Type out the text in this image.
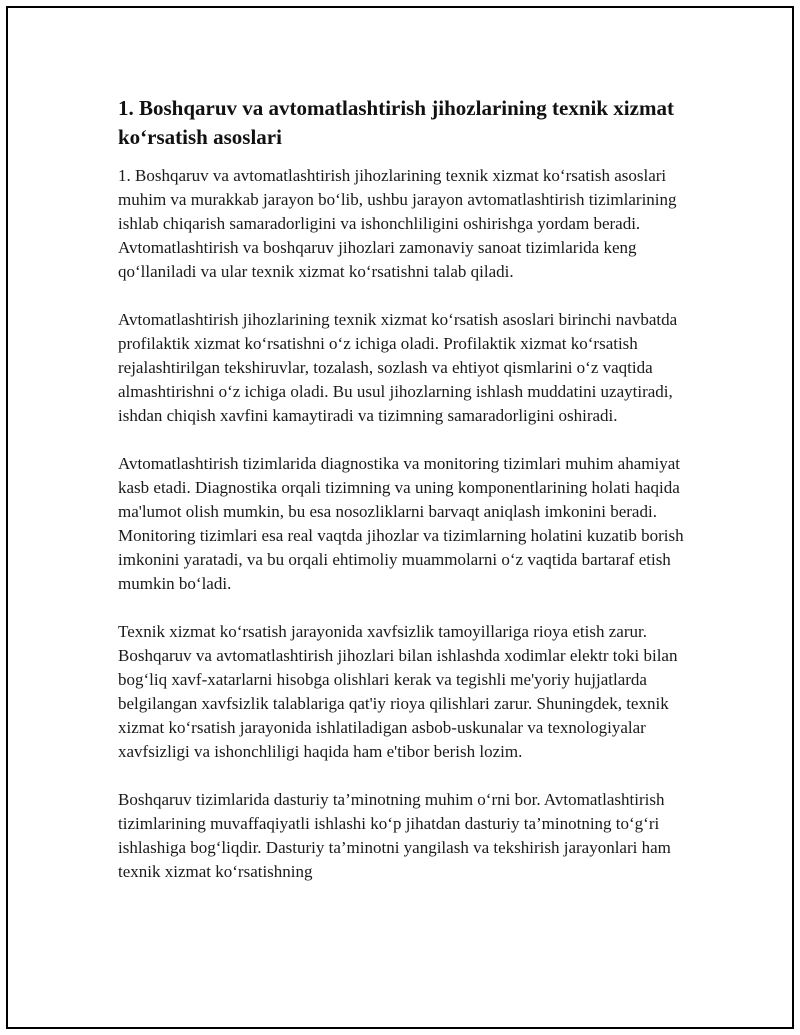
1. Boshqaruv va avtomatlashtirish jihozlarining texnik xizmat ko‘rsatish asoslari

1. Boshqaruv va avtomatlashtirish jihozlarining texnik xizmat ko‘rsatish asoslari muhim va murakkab jarayon bo‘lib, ushbu jarayon avtomatlashtirish tizimlarining ishlab chiqarish samaradorligini va ishonchliligini oshirishga yordam beradi. Avtomatlashtirish va boshqaruv jihozlari zamonaviy sanoat tizimlarida keng qo‘llaniladi va ular texnik xizmat ko‘rsatishni talab qiladi.

Avtomatlashtirish jihozlarining texnik xizmat ko‘rsatish asoslari birinchi navbatda profilaktik xizmat ko‘rsatishni o‘z ichiga oladi. Profilaktik xizmat ko‘rsatish rejalashtirilgan tekshiruvlar, tozalash, sozlash va ehtiyot qismlarini o‘z vaqtida almashtirishni o‘z ichiga oladi. Bu usul jihozlarning ishlash muddatini uzaytiradi, ishdan chiqish xavfini kamaytiradi va tizimning samaradorligini oshiradi.

Avtomatlashtirish tizimlarida diagnostika va monitoring tizimlari muhim ahamiyat kasb etadi. Diagnostika orqali tizimning va uning komponentlarining holati haqida ma'lumot olish mumkin, bu esa nosozliklarni barvaqt aniqlash imkonini beradi. Monitoring tizimlari esa real vaqtda jihozlar va tizimlarning holatini kuzatib borish imkonini yaratadi, va bu orqali ehtimoliy muammolarni o‘z vaqtida bartaraf etish mumkin bo‘ladi.

Texnik xizmat ko‘rsatish jarayonida xavfsizlik tamoyillariga rioya etish zarur. Boshqaruv va avtomatlashtirish jihozlari bilan ishlashda xodimlar elektr toki bilan bog‘liq xavf-xatarlarni hisobga olishlari kerak va tegishli me'yoriy hujjatlarda belgilangan xavfsizlik talablariga qat'iy rioya qilishlari zarur. Shuningdek, texnik xizmat ko‘rsatish jarayonida ishlatiladigan asbob-uskunalar va texnologiyalar xavfsizligi va ishonchliligi haqida ham e'tibor berish lozim.

Boshqaruv tizimlarida dasturiy ta’minotning muhim o‘rni bor. Avtomatlashtirish tizimlarining muvaffaqiyatli ishlashi ko‘p jihatdan dasturiy ta’minotning to‘g‘ri ishlashiga bog‘liqdir. Dasturiy ta’minotni yangilash va tekshirish jarayonlari ham texnik xizmat ko‘rsatishning
